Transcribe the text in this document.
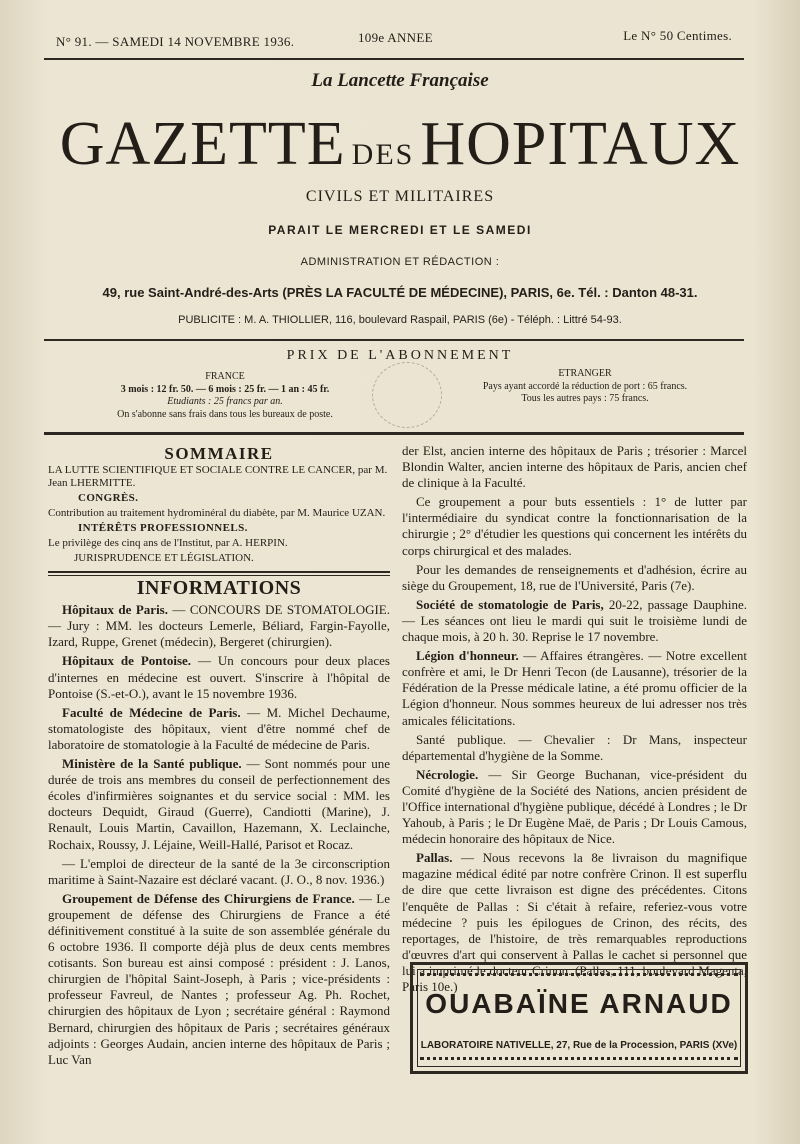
N° 91. — SAMEDI 14 NOVEMBRE 1936.	109e ANNEE	Le N° 50 Centimes.
La Lancette Française
GAZETTE DESHOPITAUX
CIVILS ET MILITAIRES
PARAIT LE MERCREDI ET LE SAMEDI
ADMINISTRATION ET RÉDACTION :
49, rue Saint-André-des-Arts (PRÈS LA FACULTÉ DE MÉDECINE), PARIS, 6e. Tél. : Danton 48-31.
PUBLICITE : M. A. THIOLLIER, 116, boulevard Raspail, PARIS (6e) - Téléph. : Littré 54-93.
PRIX DE L'ABONNEMENT
FRANCE
3 mois : 12 fr. 50. — 6 mois : 25 fr. — 1 an : 45 fr.
Etudiants : 25 francs par an.
On s'abonne sans frais dans tous les bureaux de poste.
ETRANGER
Pays ayant accordé la réduction de port : 65 francs.
Tous les autres pays : 75 francs.
SOMMAIRE
LA LUTTE SCIENTIFIQUE ET SOCIALE CONTRE LE CANCER, par M. Jean LHERMITTE.
CONGRÈS.
Contribution au traitement hydrominéral du diabète, par M. Maurice UZAN.
INTÉRÊTS PROFESSIONNELS.
Le privilège des cinq ans de l'Institut, par A. HERPIN.
JURISPRUDENCE ET LÉGISLATION.
INFORMATIONS

Hôpitaux de Paris. — CONCOURS DE STOMATOLOGIE. — Jury : MM. les docteurs Lemerle, Béliard, Fargin-Fayolle, Izard, Ruppe, Grenet (médecin), Bergeret (chirurgien).

Hôpitaux de Pontoise. — Un concours pour deux places d'internes en médecine est ouvert. S'inscrire à l'hôpital de Pontoise (S.-et-O.), avant le 15 novembre 1936.

Faculté de Médecine de Paris. — M. Michel Dechaume, stomatologiste des hôpitaux, vient d'être nommé chef de laboratoire de stomatologie à la Faculté de médecine de Paris.

Ministère de la Santé publique. — Sont nommés pour une durée de trois ans membres du conseil de perfectionnement des écoles d'infirmières soignantes et du service social : MM. les docteurs Dequidt, Giraud (Guerre), Candiotti (Marine), J. Renault, Louis Martin, Cavaillon, Hazemann, X. Leclainche, Rochaix, Roussy, J. Léjaine, Weill-Hallé, Parisot et Rocaz.

— L'emploi de directeur de la santé de la 3e circonscription maritime à Saint-Nazaire est déclaré vacant. (J. O., 8 nov. 1936.)

Groupement de Défense des Chirurgiens de France. — Le groupement de défense des Chirurgiens de France a été définitivement constitué à la suite de son assemblée générale du 6 octobre 1936. Il comporte déjà plus de deux cents membres cotisants. Son bureau est ainsi composé : président : J. Lanos, chirurgien de l'hôpital Saint-Joseph, à Paris ; vice-présidents : professeur Favreul, de Nantes ; professeur Ag. Ph. Rochet, chirurgien des hôpitaux de Lyon ; secrétaire général : Raymond Bernard, chirurgien des hôpitaux de Paris ; secrétaires généraux adjoints : Georges Audain, ancien interne des hôpitaux de Paris ; Luc Van

der Elst, ancien interne des hôpitaux de Paris ; trésorier : Marcel Blondin Walter, ancien interne des hôpitaux de Paris, ancien chef de clinique à la Faculté.

Ce groupement a pour buts essentiels : 1° de lutter par l'intermédiaire du syndicat contre la fonctionnarisation de la chirurgie ; 2° d'étudier les questions qui concernent les intérêts du corps chirurgical et des malades.

Pour les demandes de renseignements et d'adhésion, écrire au siège du Groupement, 18, rue de l'Université, Paris (7e).

Société de stomatologie de Paris, 20-22, passage Dauphine. — Les séances ont lieu le mardi qui suit le troisième lundi de chaque mois, à 20 h. 30. Reprise le 17 novembre.

Légion d'honneur. — Affaires étrangères. — Notre excellent confrère et ami, le Dr Henri Tecon (de Lausanne), trésorier de la Fédération de la Presse médicale latine, a été promu officier de la Légion d'honneur. Nous sommes heureux de lui adresser nos très amicales félicitations.

Santé publique. — Chevalier : Dr Mans, inspecteur départemental d'hygiène de la Somme.

Nécrologie. — Sir George Buchanan, vice-président du Comité d'hygiène de la Société des Nations, ancien président de l'Office international d'hygiène publique, décédé à Londres ; le Dr Yahoub, à Paris ; le Dr Eugène Maë, de Paris ; Dr Louis Camous, médecin honoraire des hôpitaux de Nice.

Pallas. — Nous recevons la 8e livraison du magnifique magazine médical édité par notre confrère Crinon. Il est superflu de dire que cette livraison est digne des précédentes. Citons l'enquête de Pallas : Si c'était à refaire, referiez-vous votre médecine ? puis les épilogues de Crinon, des récits, des reportages, de l'histoire, de très remarquables reproductions d'œuvres d'art qui conservent à Pallas le cachet si personnel que lui a imprimé le docteur Crinon. (Pallas, 111, boulevard Magenta, Paris 10e.)

OUABAÏNE ARNAUD
LABORATOIRE NATIVELLE, 27, Rue de la Procession, PARIS (XVe)
